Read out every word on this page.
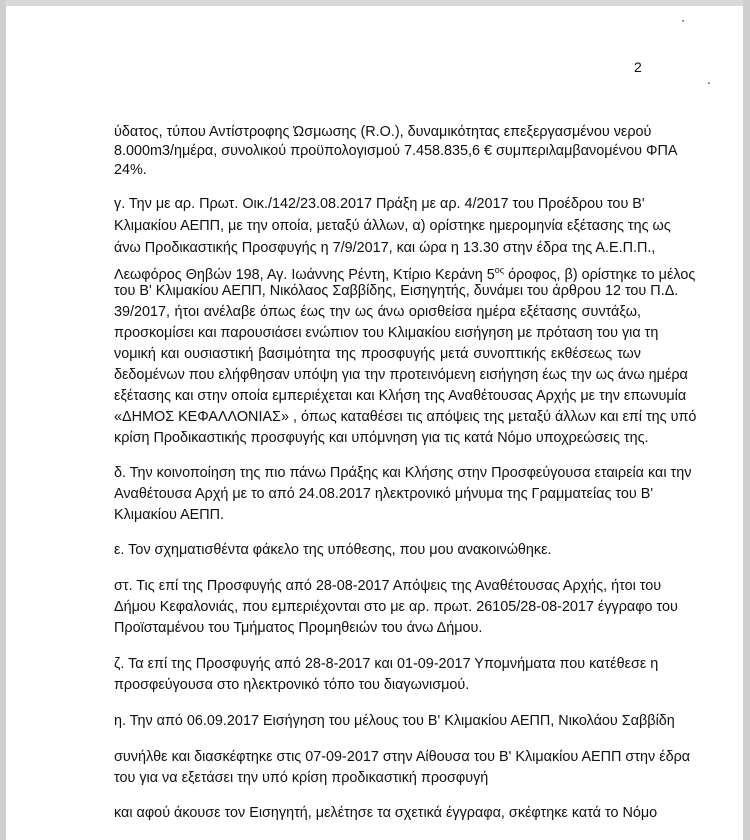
2
ύδατος, τύπου Αντίστροφης Ώσμωσης (R.O.), δυναμικότητας επεξεργασμένου νερού
8.000m3/ημέρα, συνολικού προϋπολογισμού 7.458.835,6 € συμπεριλαμβανομένου ΦΠΑ
24%.
γ. Την με αρ. Πρωτ. Οικ./142/23.08.2017 Πράξη με αρ. 4/2017 του Προέδρου του Β'
Κλιμακίου ΑΕΠΠ, με την οποία, μεταξύ άλλων, α) ορίστηκε ημερομηνία εξέτασης της ως
άνω Προδικαστικής Προσφυγής η 7/9/2017, και ώρα η 13.30 στην έδρα της Α.Ε.Π.Π.,
Λεωφόρος Θηβών 198, Αγ. Ιωάννης Ρέντη, Κτίριο Κεράνη $5^{o\varsigma}$ όροφος, β) ορίστηκε το μέλος
του Β' Κλιμακίου ΑΕΠΠ, Νικόλαος Σαββίδης, Εισηγητής, δυνάμει του άρθρου 12 του Π.Δ.
39/2017, ήτοι ανέλαβε όπως έως την ως άνω ορισθείσα ημέρα εξέτασης συντάξω,
προσκομίσει και παρουσιάσει ενώπιον του Κλιμακίου εισήγηση με πρόταση του για τη
νομική και ουσιαστική βασιμότητα της προσφυγής μετά συνοπτικής εκθέσεως των
δεδομένων που ελήφθησαν υπόψη για την προτεινόμενη εισήγηση έως την ως άνω ημέρα
εξέτασης και στην οποία εμπεριέχεται και Κλήση της Αναθέτουσας Αρχής με την επωνυμία
«ΔΗΜΟΣ ΚΕΦΑΛΛΟΝΙΑΣ» , όπως καταθέσει τις απόψεις της μεταξύ άλλων και επί της υπό
κρίση Προδικαστικής προσφυγής και υπόμνηση για τις κατά Νόμο υποχρεώσεις της.
δ. Την κοινοποίηση της πιο πάνω Πράξης και Κλήσης στην Προσφεύγουσα εταιρεία και την
Αναθέτουσα Αρχή με το από 24.08.2017 ηλεκτρονικό μήνυμα της Γραμματείας του Β'
Κλιμακίου ΑΕΠΠ.
ε. Τον σχηματισθέντα φάκελο της υπόθεσης, που μου ανακοινώθηκε.
στ. Τις επί της Προσφυγής από 28-08-2017 Απόψεις της Αναθέτουσας Αρχής, ήτοι του
Δήμου Κεφαλονιάς, που εμπεριέχονται στο με αρ. πρωτ. 26105/28-08-2017 έγγραφο του
Προϊσταμένου του Τμήματος Προμηθειών του άνω Δήμου.
ζ. Τα επί της Προσφυγής από 28-8-2017 και 01-09-2017 Υπομνήματα που κατέθεσε η
προσφεύγουσα στο ηλεκτρονικό τόπο του διαγωνισμού.
η. Την από 06.09.2017 Εισήγηση του μέλους του Β' Κλιμακίου ΑΕΠΠ, Νικολάου Σαββίδη
συνήλθε και διασκέφτηκε στις 07-09-2017 στην Αίθουσα του Β' Κλιμακίου ΑΕΠΠ στην έδρα
του για να εξετάσει την υπό κρίση προδικαστική προσφυγή
και αφού άκουσε τον Εισηγητή, μελέτησε τα σχετικά έγγραφα, σκέφτηκε κατά το Νόμο
